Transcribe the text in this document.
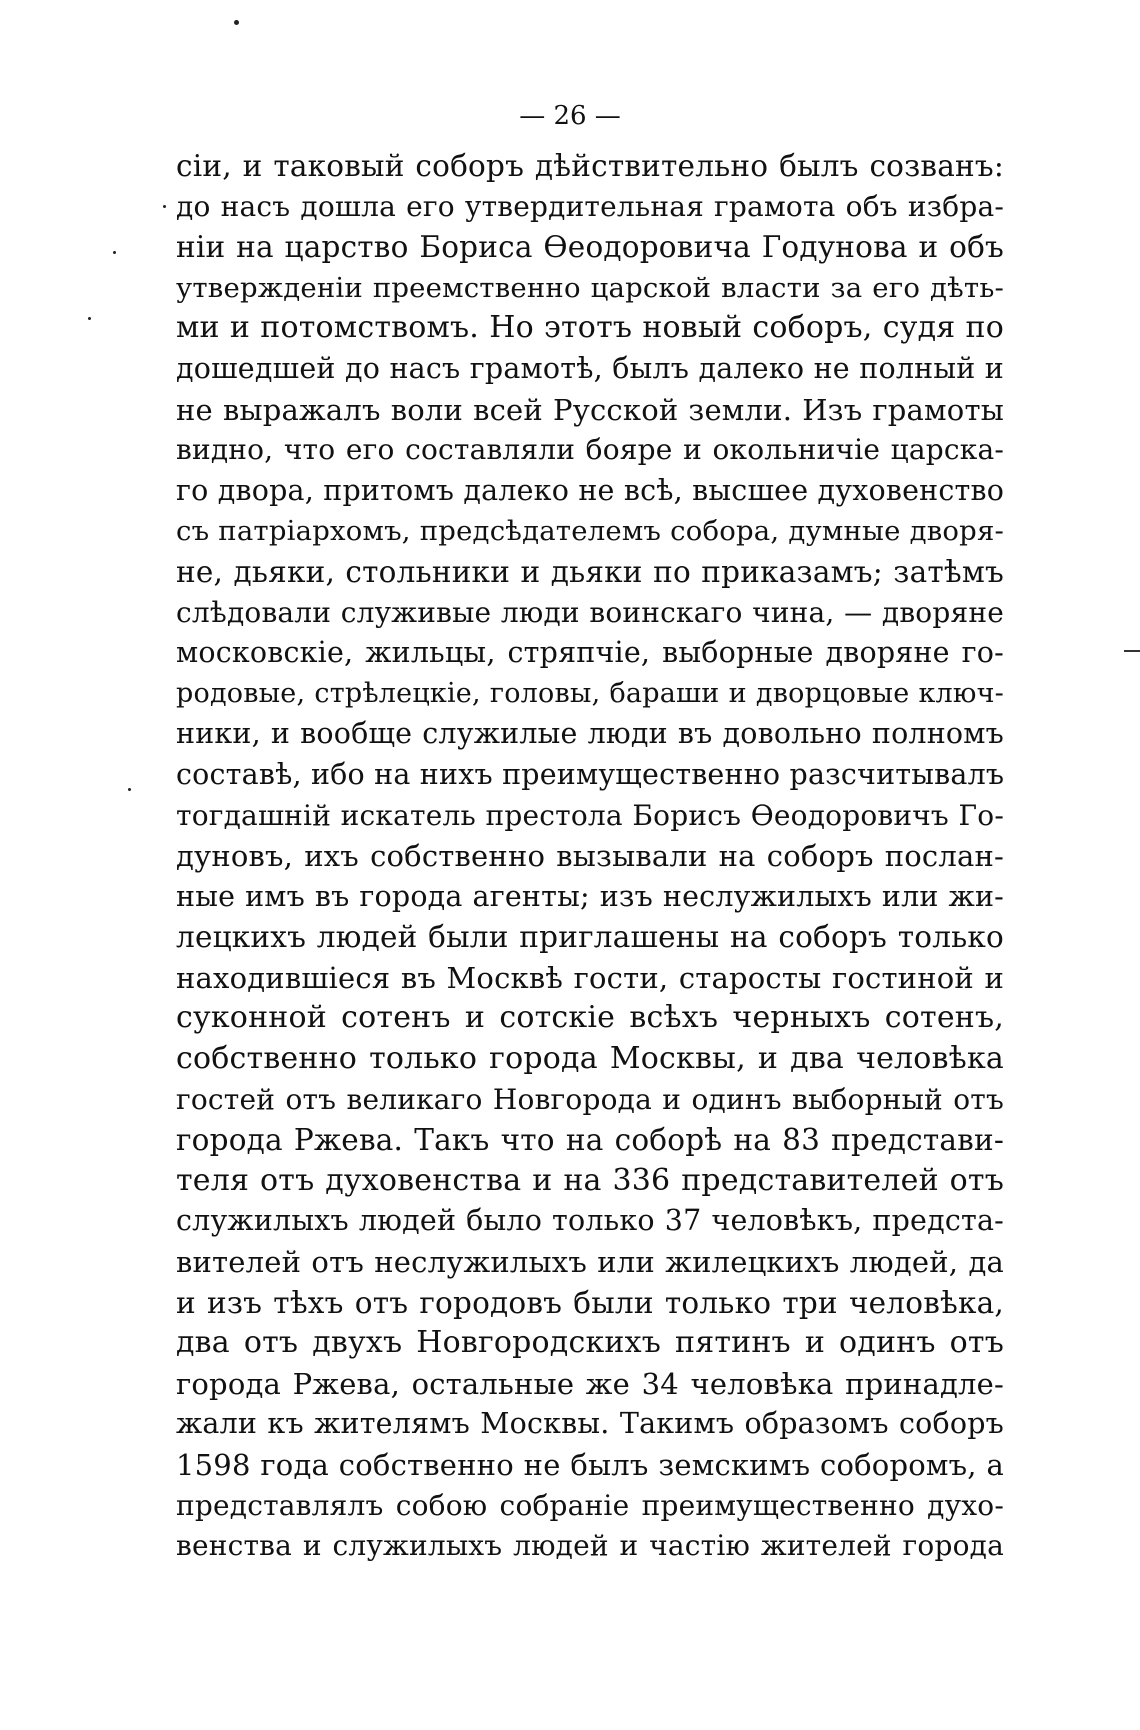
— 26 —
сіи, и таковый соборъ дѣйствительно былъ созванъ:
до насъ дошла его утвердительная грамота объ избра-
ніи на царство Бориса Ѳеодоровича Годунова и объ
утвержденіи преемственно царской власти за его дѣть-
ми и потомствомъ. Но этотъ новый соборъ, судя по
дошедшей до насъ грамотѣ, былъ далеко не полный и
не выражалъ воли всей Русской земли. Изъ грамоты
видно, что его составляли бояре и окольничіе царска-
го двора, притомъ далеко не всѣ, высшее духовенство
съ патріархомъ, предсѣдателемъ собора, думные дворя-
не, дьяки, стольники и дьяки по приказамъ; затѣмъ
слѣдовали служивые люди воинскаго чина, — дворяне
московскіе, жильцы, стряпчіе, выборные дворяне го-
родовые, стрѣлецкіе, головы, бараши и дворцовые ключ-
ники, и вообще служилые люди въ довольно полномъ
составѣ, ибо на нихъ преимущественно разсчитывалъ
тогдашній искатель престола Борисъ Ѳеодоровичъ Го-
дуновъ, ихъ собственно вызывали на соборъ послан-
ные имъ въ города агенты; изъ неслужилыхъ или жи-
лецкихъ людей были приглашены на соборъ только
находившіеся въ Москвѣ гости, старосты гостиной и
суконной сотенъ и сотскіе всѣхъ черныхъ сотенъ,
собственно только города Москвы, и два человѣка
гостей отъ великаго Новгорода и одинъ выборный отъ
города Ржева. Такъ что на соборѣ на 83 представи-
теля отъ духовенства и на 336 представителей отъ
служилыхъ людей было только 37 человѣкъ, предста-
вителей отъ неслужилыхъ или жилецкихъ людей, да
и изъ тѣхъ отъ городовъ были только три человѣка,
два отъ двухъ Новгородскихъ пятинъ и одинъ отъ
города Ржева, остальные же 34 человѣка принадле-
жали къ жителямъ Москвы. Такимъ образомъ соборъ
1598 года собственно не былъ земскимъ соборомъ, а
представлялъ собою собраніе преимущественно духо-
венства и служилыхъ людей и частію жителей города
